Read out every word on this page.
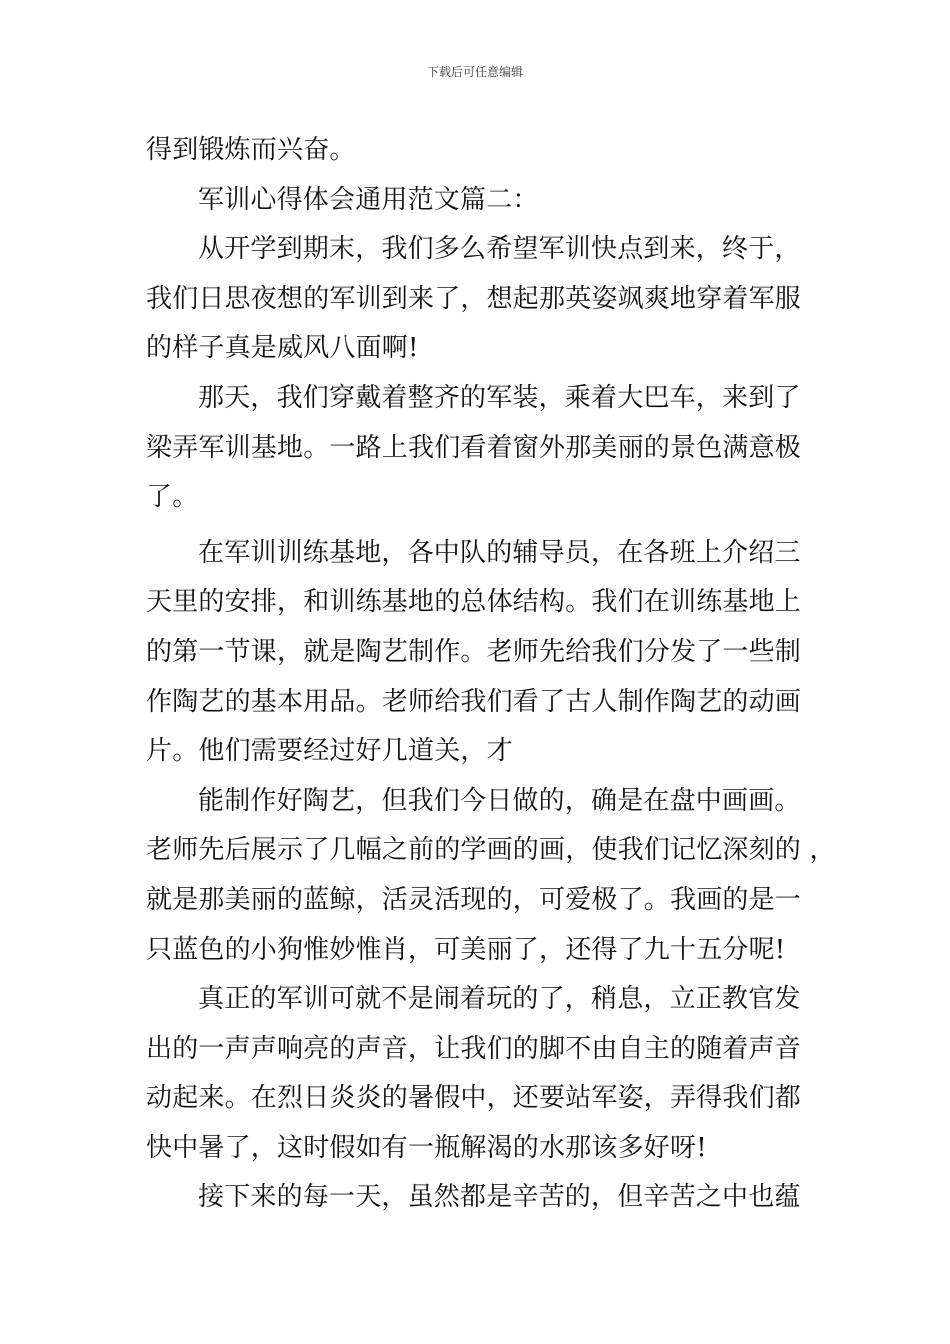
下载后可任意编辑
得到锻炼而兴奋。
军训心得体会通用范文篇二：
从开学到期末，我们多么希望军训快点到来，终于，
我们日思夜想的军训到来了，想起那英姿飒爽地穿着军服
的样子真是威风八面啊!
那天，我们穿戴着整齐的军装，乘着大巴车，来到了
梁弄军训基地。一路上我们看着窗外那美丽的景色满意极
了。
在军训训练基地，各中队的辅导员，在各班上介绍三
天里的安排，和训练基地的总体结构。我们在训练基地上
的第一节课，就是陶艺制作。老师先给我们分发了一些制
作陶艺的基本用品。老师给我们看了古人制作陶艺的动画
片。他们需要经过好几道关，才
能制作好陶艺，但我们今日做的，确是在盘中画画。
老师先后展示了几幅之前的学画的画，使我们记忆深刻的 ，
就是那美丽的蓝鲸，活灵活现的，可爱极了。我画的是一
只蓝色的小狗惟妙惟肖，可美丽了，还得了九十五分呢!
真正的军训可就不是闹着玩的了，稍息，立正教官发
出的一声声响亮的声音，让我们的脚不由自主的随着声音
动起来。在烈日炎炎的暑假中，还要站军姿，弄得我们都
快中暑了，这时假如有一瓶解渴的水那该多好呀!
接下来的每一天，虽然都是辛苦的，但辛苦之中也蕴
